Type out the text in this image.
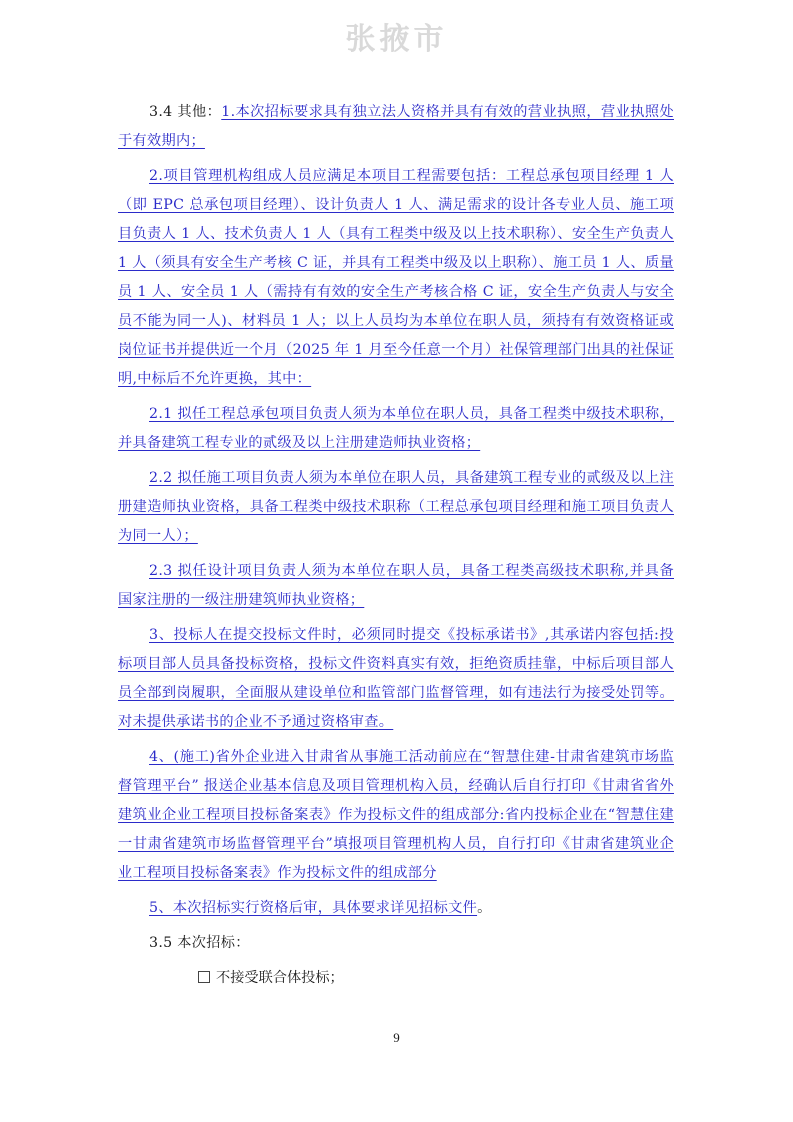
张掖市

3.4 其他：1.本次招标要求具有独立法人资格并具有有效的营业执照，营业执照处于有效期内；

2.项目管理机构组成人员应满足本项目工程需要包括：工程总承包项目经理 1 人（即 EPC 总承包项目经理）、设计负责人 1 人、满足需求的设计各专业人员、施工项目负责人 1 人、技术负责人 1 人（具有工程类中级及以上技术职称）、安全生产负责人 1 人（须具有安全生产考核 C 证，并具有工程类中级及以上职称）、施工员 1 人、质量员 1 人、安全员 1 人（需持有有效的安全生产考核合格 C 证，安全生产负责人与安全员不能为同一人)、材料员 1 人；以上人员均为本单位在职人员，须持有有效资格证或岗位证书并提供近一个月（2025 年 1 月至今任意一个月）社保管理部门出具的社保证明,中标后不允许更换，其中：

2.1 拟任工程总承包项目负责人须为本单位在职人员，具备工程类中级技术职称，并具备建筑工程专业的贰级及以上注册建造师执业资格；

2.2 拟任施工项目负责人须为本单位在职人员，具备建筑工程专业的贰级及以上注册建造师执业资格，具备工程类中级技术职称（工程总承包项目经理和施工项目负责人为同一人）；

2.3 拟任设计项目负责人须为本单位在职人员，具备工程类高级技术职称,并具备国家注册的一级注册建筑师执业资格；

3、投标人在提交投标文件时，必须同时提交《投标承诺书》,其承诺内容包括:投标项目部人员具备投标资格，投标文件资料真实有效，拒绝资质挂靠，中标后项目部人员全部到岗履职，全面服从建设单位和监管部门监督管理，如有违法行为接受处罚等。对未提供承诺书的企业不予通过资格审查。

4、(施工)省外企业进入甘肃省从事施工活动前应在“智慧住建-甘肃省建筑市场监督管理平台” 报送企业基本信息及项目管理机构入员，经确认后自行打印《甘肃省省外建筑业企业工程项目投标备案表》作为投标文件的组成部分:省内投标企业在“智慧住建一甘肃省建筑市场监督管理平台”填报项目管理机构人员，自行打印《甘肃省建筑业企业工程项目投标备案表》作为投标文件的组成部分

5、本次招标实行资格后审，具体要求详见招标文件。

3.5 本次招标：

不接受联合体投标；

9
